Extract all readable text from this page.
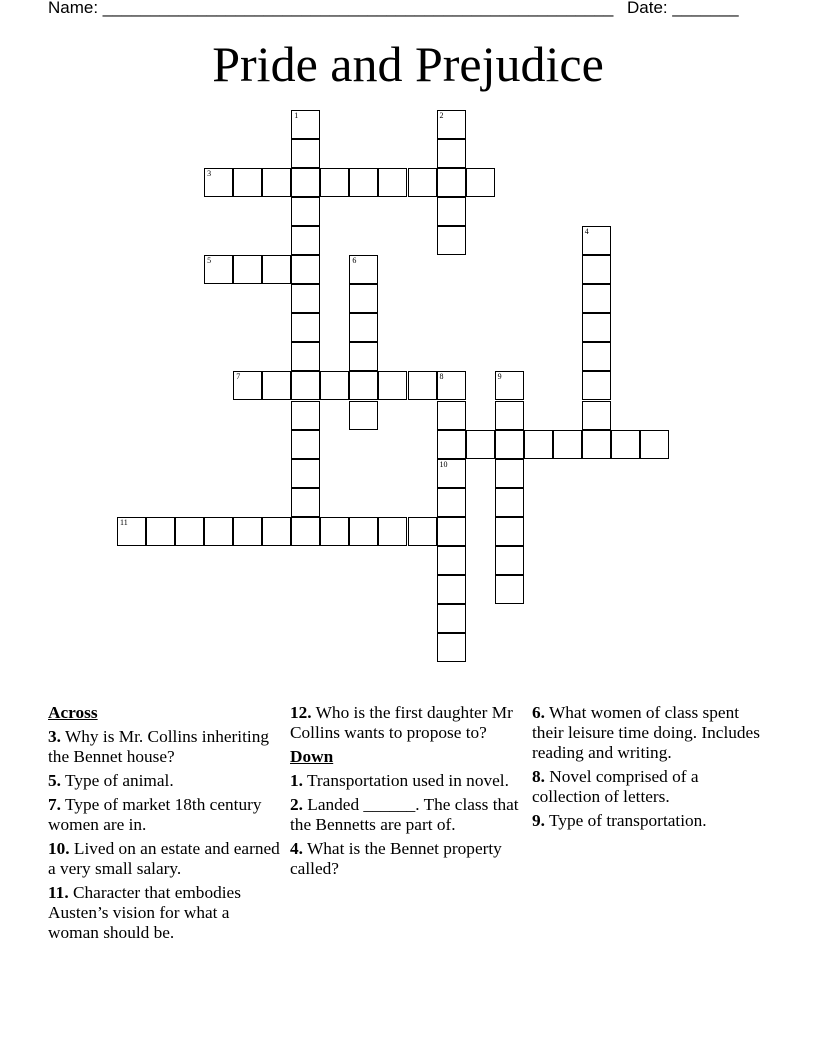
Name: ______________________________________________________ Date: _______
Pride and Prejudice
1	2
3
4
5	6
7	8
10
9
11
Across
3. Why is Mr. Collins inheriting the Bennet house?
5. Type of animal.
7. Type of market 18th century women are in.
10. Lived on an estate and earned a very small salary.
11. Character that embodies Austen’s vision for what a woman should be.
12. Who is the first daughter Mr Collins wants to propose to?
Down
1. Transportation used in novel.
2. Landed ______. The class that the Bennetts are part of.
4. What is the Bennet property called?
6. What women of class spent their leisure time doing. Includes reading and writing.
8. Novel comprised of a collection of letters.
9. Type of transportation.
